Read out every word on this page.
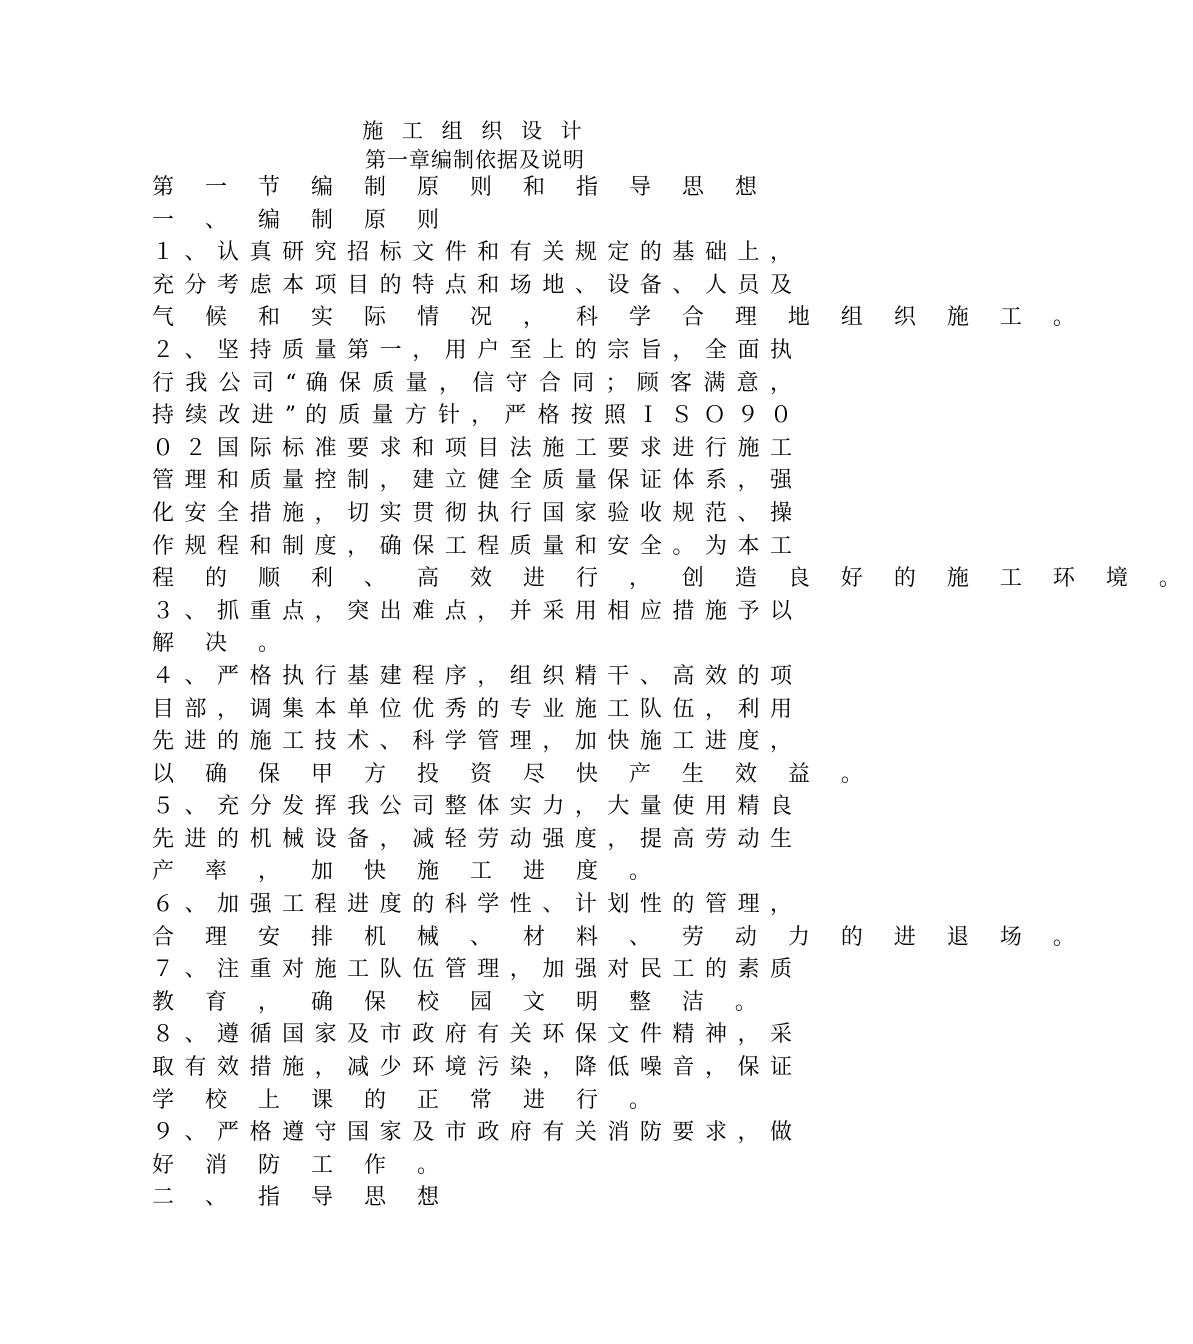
施 工 组 织 设 计
第一章编制依据及说明
第 一 节 编 制 原 则 和 指 导 思 想
一 、 编 制 原 则
１ 、 认 真 研 究 招 标 文 件 和 有 关 规 定 的 基 础 上 ，
充 分 考 虑 本 项 目 的 特 点 和 场 地 、 设 备 、 人 员 及
气 候 和 实 际 情 况 ， 科 学 合 理 地 组 织 施 工 。
２ 、 坚 持 质 量 第 一 ， 用 户 至 上 的 宗 旨 ， 全 面 执
行 我 公 司 “ 确 保 质 量 ， 信 守 合 同 ； 顾 客 满 意 ，
持 续 改 进 ” 的 质 量 方 针 ， 严 格 按 照 Ｉ Ｓ Ｏ ９ ０
０ ２ 国 际 标 准 要 求 和 项 目 法 施 工 要 求 进 行 施 工
管 理 和 质 量 控 制 ， 建 立 健 全 质 量 保 证 体 系 ， 强
化 安 全 措 施 ， 切 实 贯 彻 执 行 国 家 验 收 规 范 、 操
作 规 程 和 制 度 ， 确 保 工 程 质 量 和 安 全 。 为 本 工
程 的 顺 利 、 高 效 进 行 ， 创 造 良 好 的 施 工 环 境 。
３ 、 抓 重 点 ， 突 出 难 点 ， 并 采 用 相 应 措 施 予 以
解 决 。
４ 、 严 格 执 行 基 建 程 序 ， 组 织 精 干 、 高 效 的 项
目 部 ， 调 集 本 单 位 优 秀 的 专 业 施 工 队 伍 ， 利 用
先 进 的 施 工 技 术 、 科 学 管 理 ， 加 快 施 工 进 度 ，
以 确 保 甲 方 投 资 尽 快 产 生 效 益 。
５ 、 充 分 发 挥 我 公 司 整 体 实 力 ， 大 量 使 用 精 良
先 进 的 机 械 设 备 ， 减 轻 劳 动 强 度 ， 提 高 劳 动 生
产 率 ， 加 快 施 工 进 度 。
６ 、 加 强 工 程 进 度 的 科 学 性 、 计 划 性 的 管 理 ，
合 理 安 排 机 械 、 材 料 、 劳 动 力 的 进 退 场 。
７ 、 注 重 对 施 工 队 伍 管 理 ， 加 强 对 民 工 的 素 质
教 育 ， 确 保 校 园 文 明 整 洁 。
８ 、 遵 循 国 家 及 市 政 府 有 关 环 保 文 件 精 神 ， 采
取 有 效 措 施 ， 减 少 环 境 污 染 ， 降 低 噪 音 ， 保 证
学 校 上 课 的 正 常 进 行 。
９ 、 严 格 遵 守 国 家 及 市 政 府 有 关 消 防 要 求 ， 做
好 消 防 工 作 。
二 、 指 导 思 想
